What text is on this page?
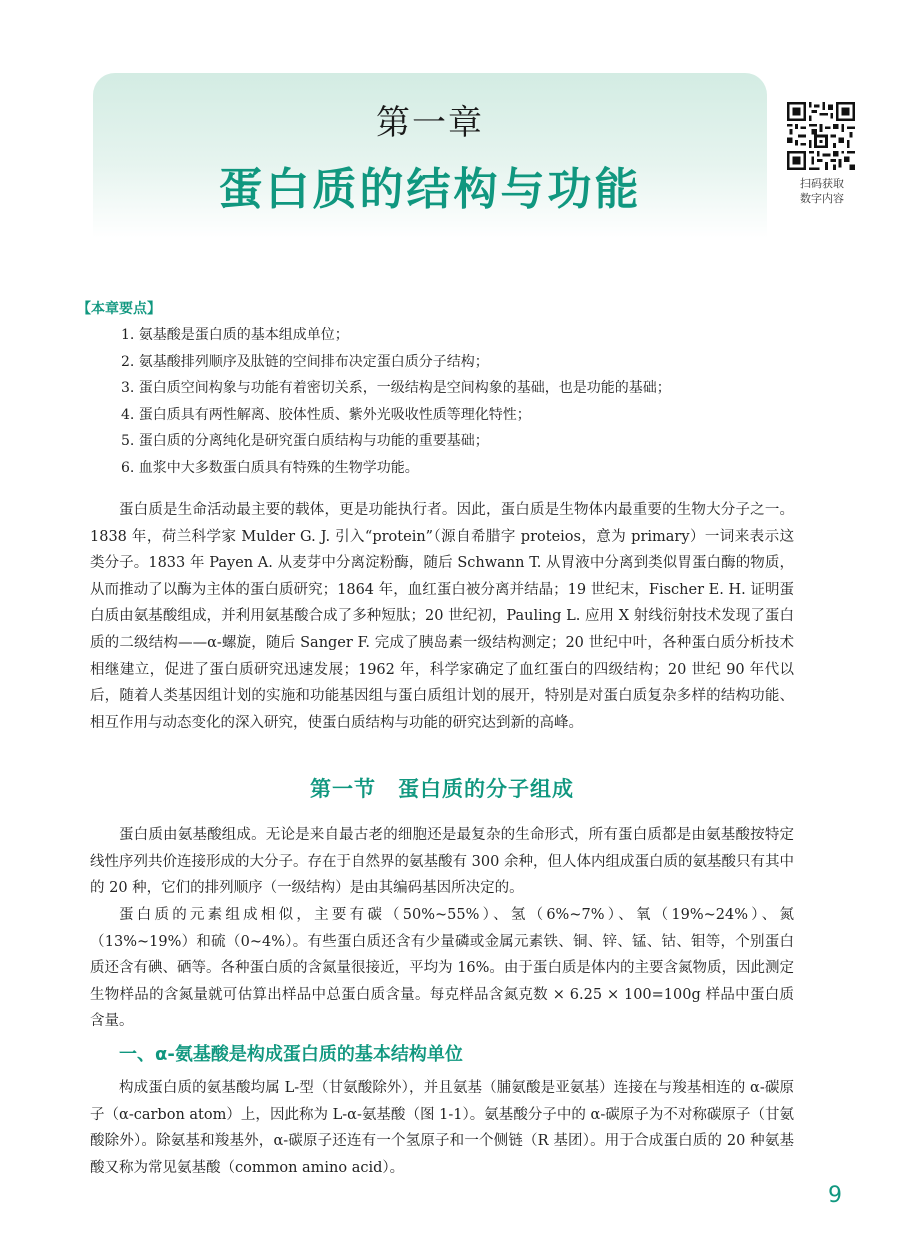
第一章
蛋白质的结构与功能	扫码获取
数字内容
【本章要点】
1. 氨基酸是蛋白质的基本组成单位；
2. 氨基酸排列顺序及肽链的空间排布决定蛋白质分子结构；
3. 蛋白质空间构象与功能有着密切关系，一级结构是空间构象的基础，也是功能的基础；
4. 蛋白质具有两性解离、胶体性质、紫外光吸收性质等理化特性；
5. 蛋白质的分离纯化是研究蛋白质结构与功能的重要基础；
6. 血浆中大多数蛋白质具有特殊的生物学功能。

蛋白质是生命活动最主要的载体，更是功能执行者。因此，蛋白质是生物体内最重要的生物大分子之一。1838 年，荷兰科学家 Mulder G. J. 引入“protein”（源自希腊字 proteios，意为 primary）一词来表示这类分子。1833 年 Payen A. 从麦芽中分离淀粉酶，随后 Schwann T. 从胃液中分离到类似胃蛋白酶的物质，从而推动了以酶为主体的蛋白质研究；1864 年，血红蛋白被分离并结晶；19 世纪末，Fischer E. H. 证明蛋白质由氨基酸组成，并利用氨基酸合成了多种短肽；20 世纪初，Pauling L. 应用 X 射线衍射技术发现了蛋白质的二级结构——α-螺旋，随后 Sanger F. 完成了胰岛素一级结构测定；20 世纪中叶，各种蛋白质分析技术相继建立，促进了蛋白质研究迅速发展；1962 年，科学家确定了血红蛋白的四级结构；20 世纪 90 年代以后，随着人类基因组计划的实施和功能基因组与蛋白质组计划的展开，特别是对蛋白质复杂多样的结构功能、相互作用与动态变化的深入研究，使蛋白质结构与功能的研究达到新的高峰。

第一节　蛋白质的分子组成

蛋白质由氨基酸组成。无论是来自最古老的细胞还是最复杂的生命形式，所有蛋白质都是由氨基酸按特定线性序列共价连接形成的大分子。存在于自然界的氨基酸有 300 余种，但人体内组成蛋白质的氨基酸只有其中的 20 种，它们的排列顺序（一级结构）是由其编码基因所决定的。

蛋白质的元素组成相似，主要有碳（50%~55%）、氢（6%~7%）、氧（19%~24%）、氮（13%~19%）和硫（0~4%）。有些蛋白质还含有少量磷或金属元素铁、铜、锌、锰、钴、钼等，个别蛋白质还含有碘、硒等。各种蛋白质的含氮量很接近，平均为 16%。由于蛋白质是体内的主要含氮物质，因此测定生物样品的含氮量就可估算出样品中总蛋白质含量。每克样品含氮克数 × 6.25 × 100=100g 样品中蛋白质含量。

一、α-氨基酸是构成蛋白质的基本结构单位

构成蛋白质的氨基酸均属 L-型（甘氨酸除外），并且氨基（脯氨酸是亚氨基）连接在与羧基相连的 α-碳原子（α-carbon atom）上，因此称为 L-α-氨基酸（图 1-1）。氨基酸分子中的 α-碳原子为不对称碳原子（甘氨酸除外）。除氨基和羧基外，α-碳原子还连有一个氢原子和一个侧链（R 基团）。用于合成蛋白质的 20 种氨基酸又称为常见氨基酸（common amino acid）。

9
